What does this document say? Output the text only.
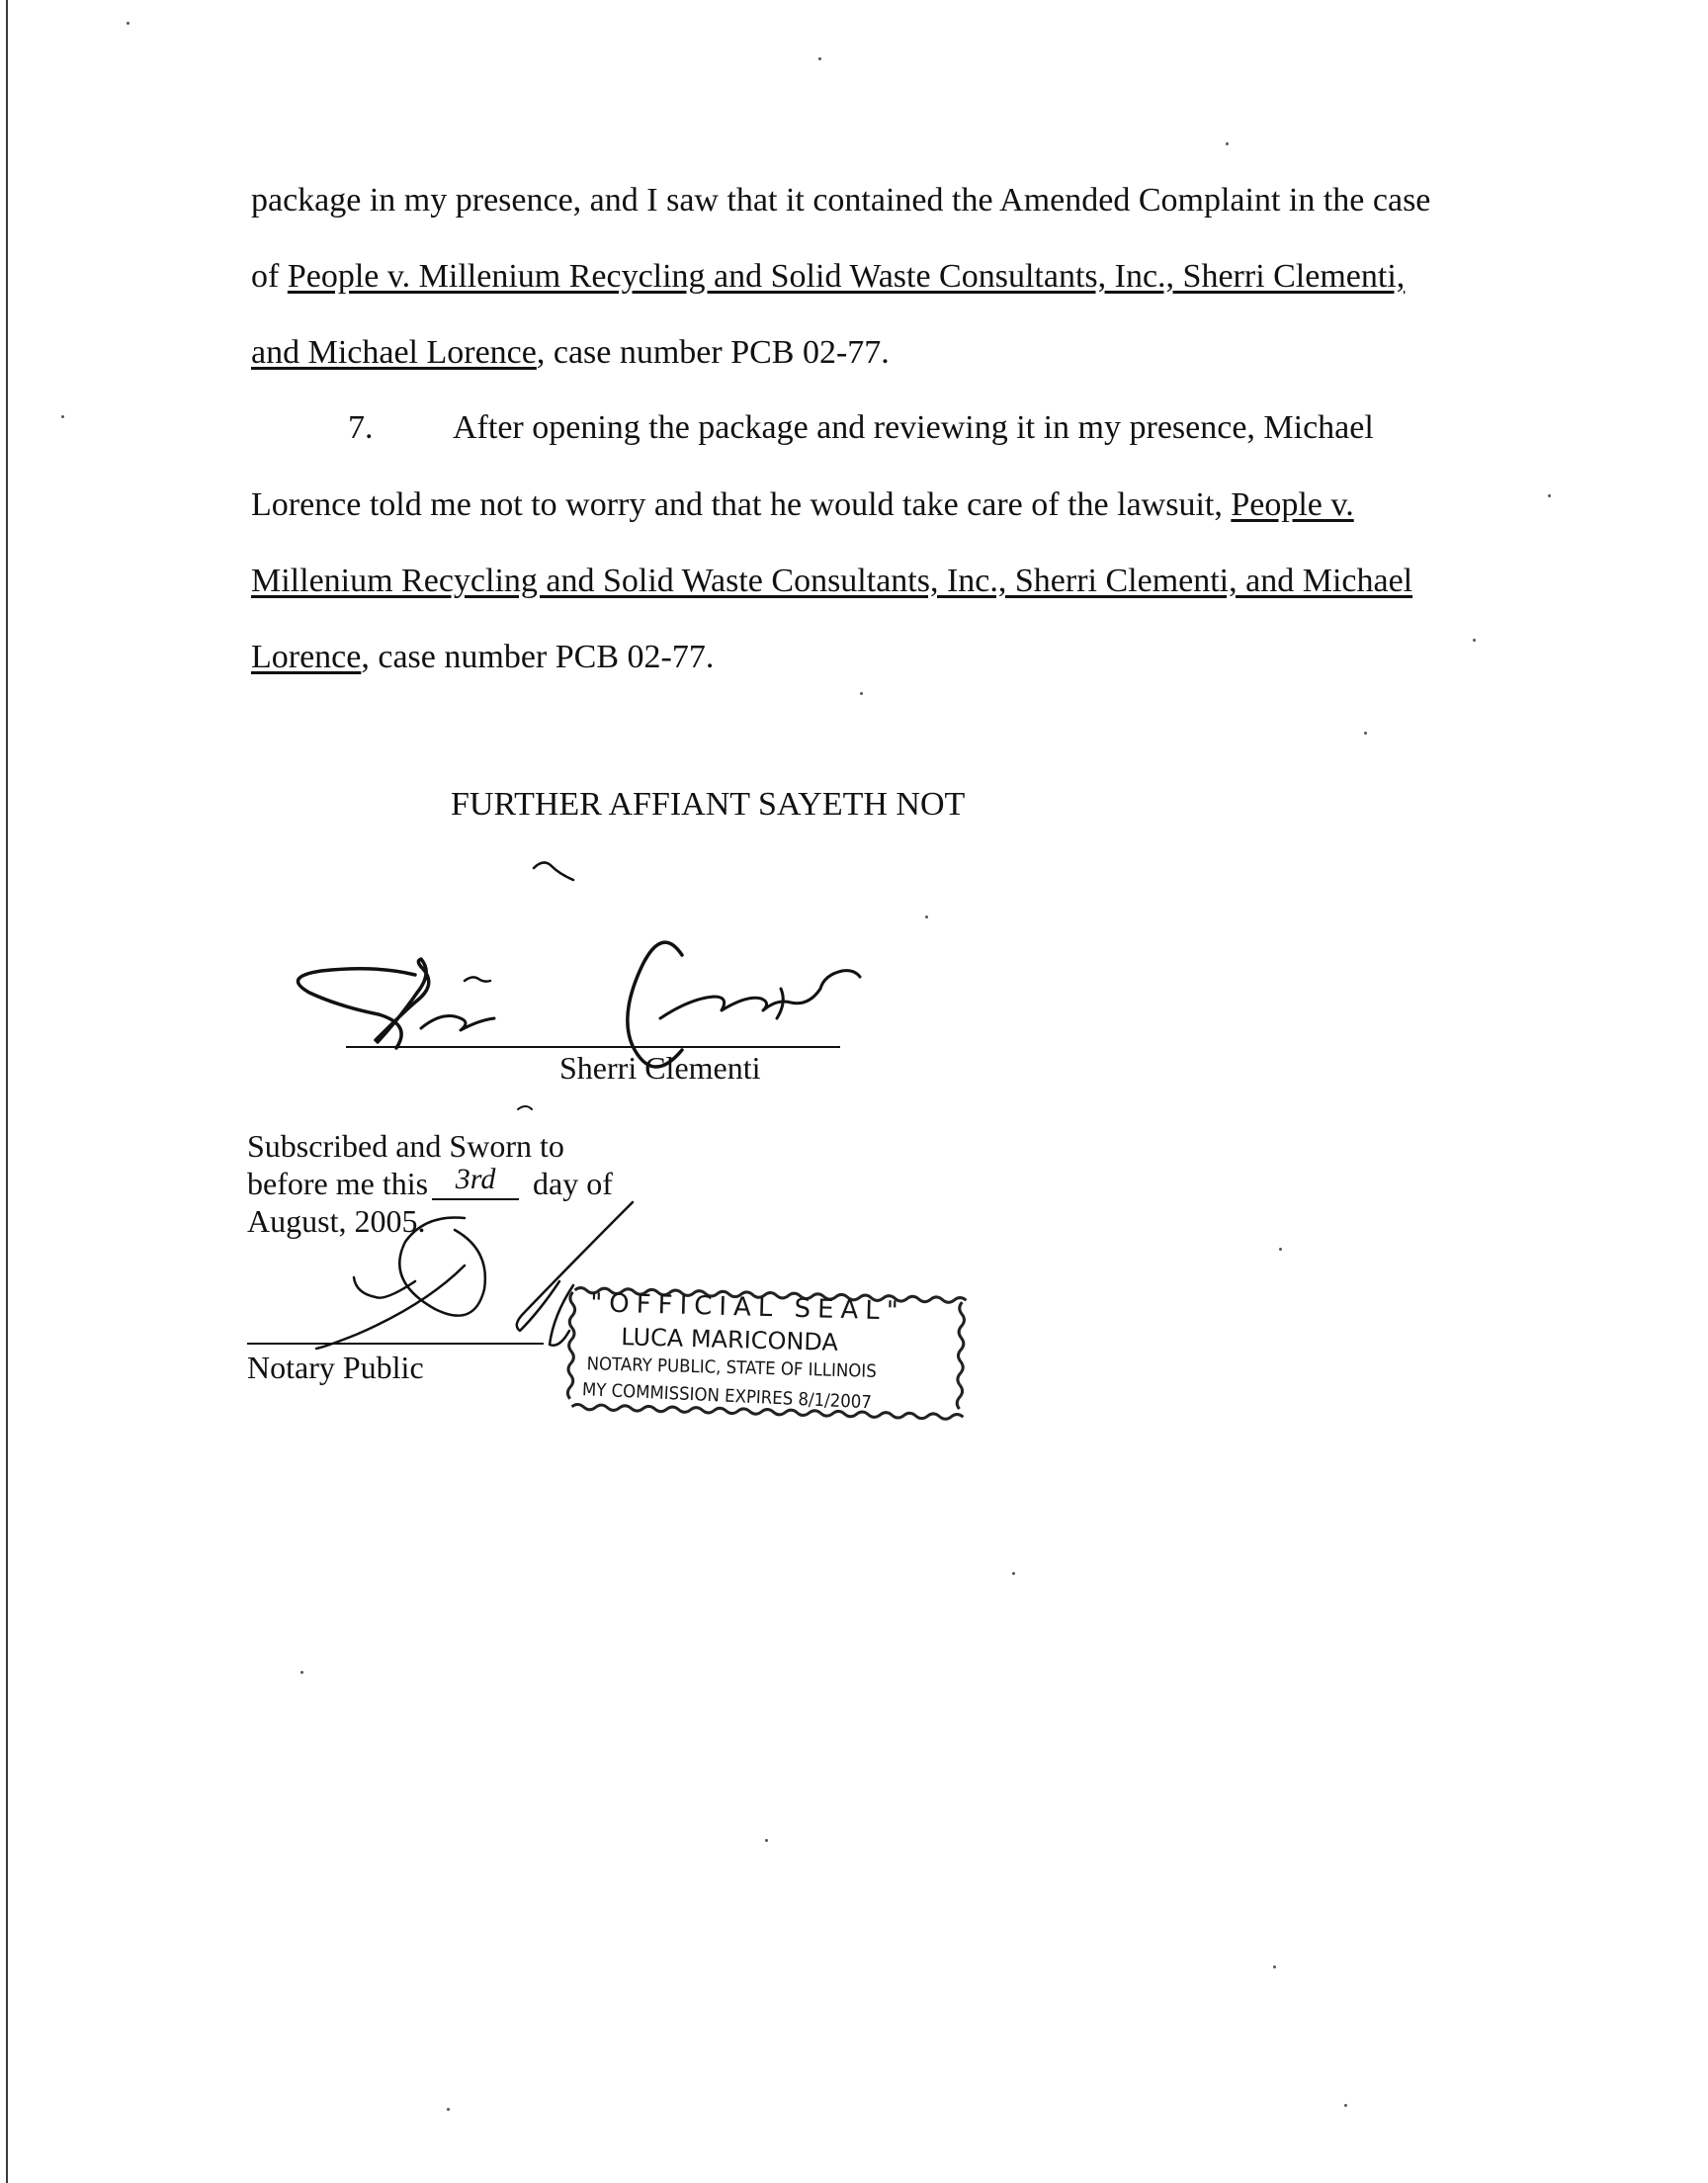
package in my presence, and I saw that it contained the Amended Complaint in the case
of People v. Millenium Recycling and Solid Waste Consultants, Inc., Sherri Clementi,
and Michael Lorence, case number PCB 02-77.
7. After opening the package and reviewing it in my presence, Michael
Lorence told me not to worry and that he would take care of the lawsuit, People v.
Millenium Recycling and Solid Waste Consultants, Inc., Sherri Clementi, and Michael
Lorence, case number PCB 02-77.
FURTHER AFFIANT SAYETH NOT
Sherri Clementi
Subscribed and Sworn to
before me this 3rd day of
August, 2005.
Notary Public
"OFFICIAL SEAL"
LUCA MARICONDA
NOTARY PUBLIC, STATE OF ILLINOIS
MY COMMISSION EXPIRES 8/1/2007
